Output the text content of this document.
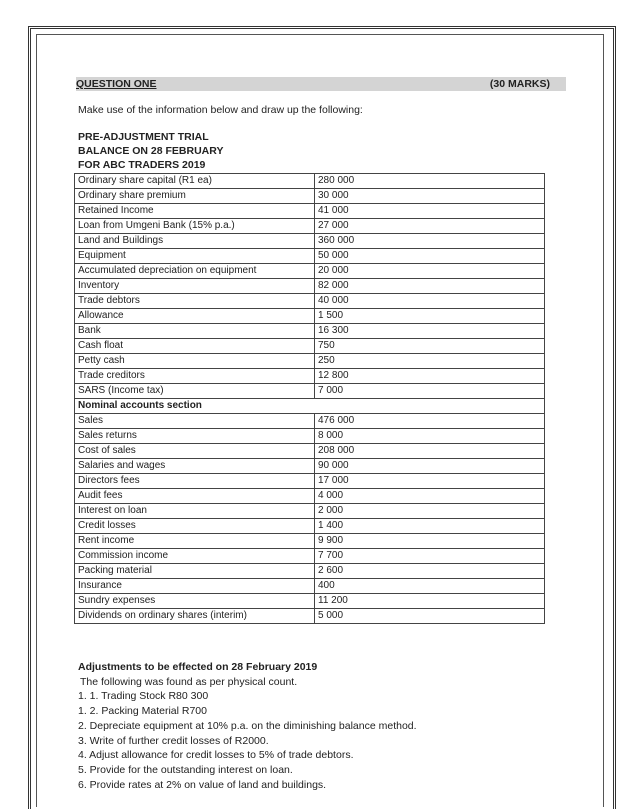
QUESTION ONE	(30 MARKS)
Make use of the information below and draw up the following:
PRE-ADJUSTMENT TRIAL
BALANCE ON 28 FEBRUARY
FOR ABC TRADERS 2019
Ordinary share capital (R1 ea)	280 000
Ordinary share premium	30 000
Retained Income	41 000
Loan from Umgeni Bank (15% p.a.)	27 000
Land and Buildings	360 000
Equipment	50 000
Accumulated depreciation on equipment	20 000
Inventory	82 000
Trade debtors	40 000
Allowance	1 500
Bank	16 300
Cash float	750
Petty cash	250
Trade creditors	12 800
SARS (Income tax)	7 000
Nominal accounts section	
Sales	476 000
Sales returns	8 000
Cost of sales	208 000
Salaries and wages	90 000
Directors fees	17 000
Audit fees	4 000
Interest on loan	2 000
Credit losses	1 400
Rent income	9 900
Commission income	7 700
Packing material	2 600
Insurance	400
Sundry expenses	11 200
Dividends on ordinary shares (interim)	5 000
Adjustments to be effected on 28 February 2019
The following was found as per physical count.
1. 1. Trading Stock R80 300
1. 2. Packing Material R700
2. Depreciate equipment at 10% p.a. on the diminishing balance method.
3. Write of further credit losses of R2000.
4. Adjust allowance for credit losses to 5% of trade debtors.
5. Provide for the outstanding interest on loan.
6. Provide rates at 2% on value of land and buildings.
